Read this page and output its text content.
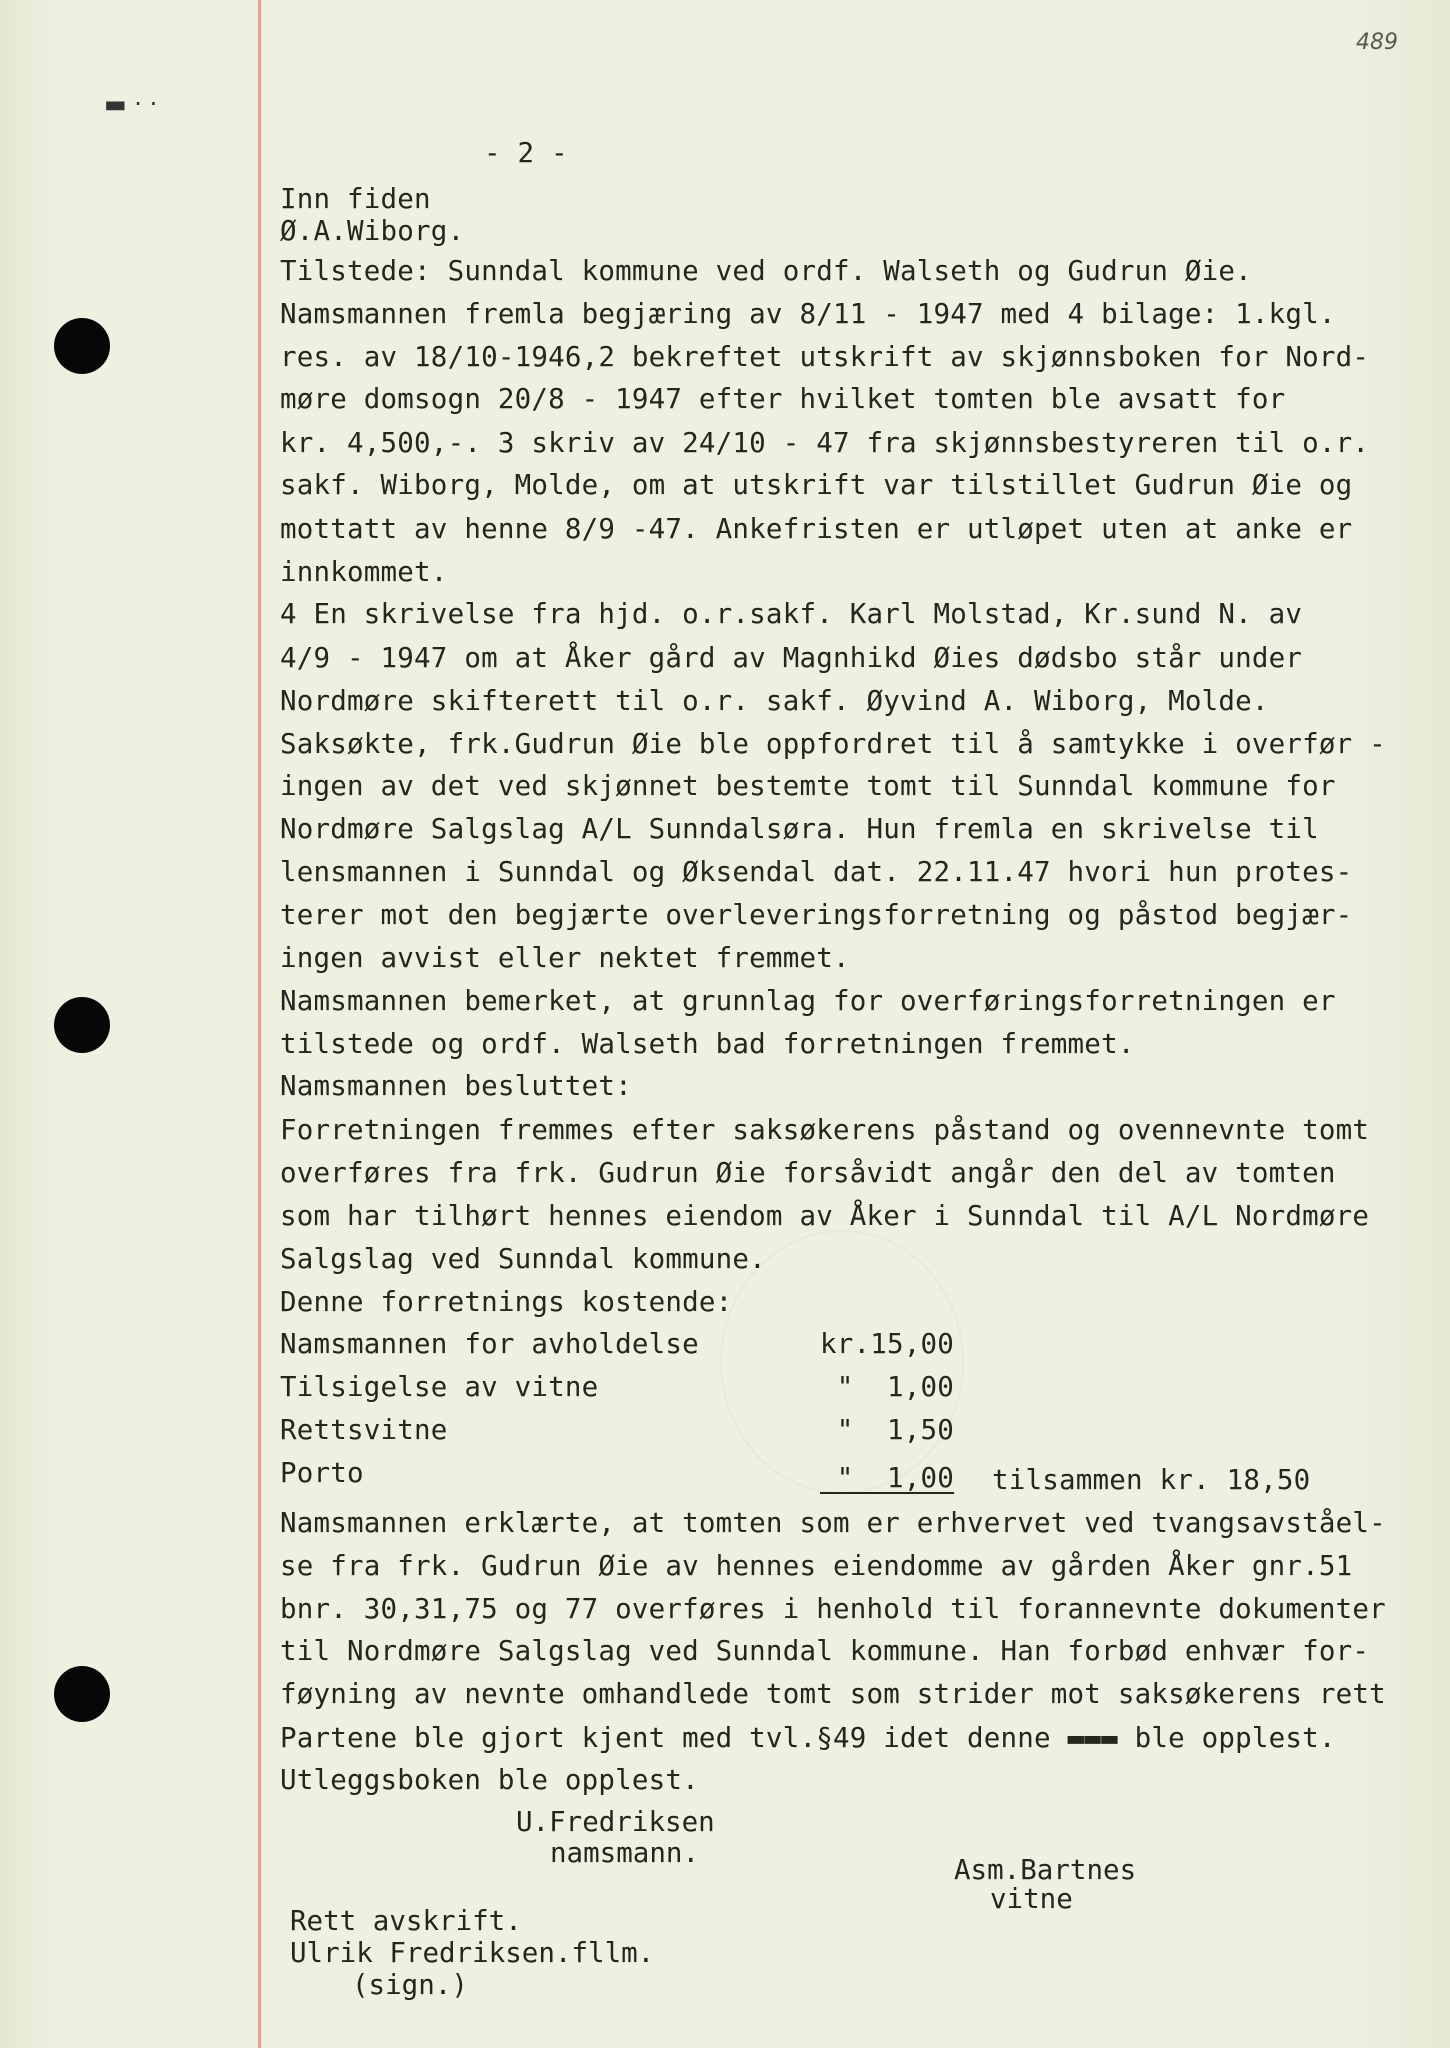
489
▬ · ·
- 2 -
Inn fiden
Ø.A.Wiborg.
Tilstede: Sunndal kommune ved ordf. Walseth og Gudrun Øie.
Namsmannen fremla begjæring av 8/11 - 1947 med 4 bilage: 1.kgl.
res. av 18/10-1946,2 bekreftet utskrift av skjønnsboken for Nord-
møre domsogn 20/8 - 1947 efter hvilket tomten ble avsatt for
kr. 4,500,-. 3 skriv av 24/10 - 47 fra skjønnsbestyreren til o.r.
sakf. Wiborg, Molde, om at utskrift var tilstillet Gudrun Øie og
mottatt av henne 8/9 -47. Ankefristen er utløpet uten at anke er
innkommet.
4 En skrivelse fra hjd. o.r.sakf. Karl Molstad, Kr.sund N. av
4/9 - 1947 om at Åker gård av Magnhikd Øies dødsbo står under
Nordmøre skifterett til o.r. sakf. Øyvind A. Wiborg, Molde.
Saksøkte, frk.Gudrun Øie ble oppfordret til å samtykke i overfør -
ingen av det ved skjønnet bestemte tomt til Sunndal kommune for
Nordmøre Salgslag A/L Sunndalsøra. Hun fremla en skrivelse til
lensmannen i Sunndal og Øksendal dat. 22.11.47 hvori hun protes-
terer mot den begjærte overleveringsforretning og påstod begjær-
ingen avvist eller nektet fremmet.
Namsmannen bemerket, at grunnlag for overføringsforretningen er
tilstede og ordf. Walseth bad forretningen fremmet.
Namsmannen besluttet:
Forretningen fremmes efter saksøkerens påstand og ovennevnte tomt
overføres fra frk. Gudrun Øie forsåvidt angår den del av tomten
som har tilhørt hennes eiendom av Åker i Sunndal til A/L Nordmøre
Salgslag ved Sunndal kommune.
Denne forretnings kostende:
Namsmannen for avholdelse	kr.15,00
Tilsigelse av vitne	"  1,00
Rettsvitne	"  1,50
Porto	"  1,00 tilsammen kr. 18,50
Namsmannen erklærte, at tomten som er erhvervet ved tvangsavståel-
se fra frk. Gudrun Øie av hennes eiendomme av gården Åker gnr.51
bnr. 30,31,75 og 77 overføres i henhold til forannevnte dokumenter
til Nordmøre Salgslag ved Sunndal kommune. Han forbød enhvær for-
føyning av nevnte omhandlede tomt som strider mot saksøkerens rett
Partene ble gjort kjent med tvl.§49 idet denne ▬▬▬ ble opplest.
Utleggsboken ble opplest.
U.Fredriksen
namsmann.
Asm.Bartnes
vitne
Rett avskrift.
Ulrik Fredriksen.fllm.
(sign.)
